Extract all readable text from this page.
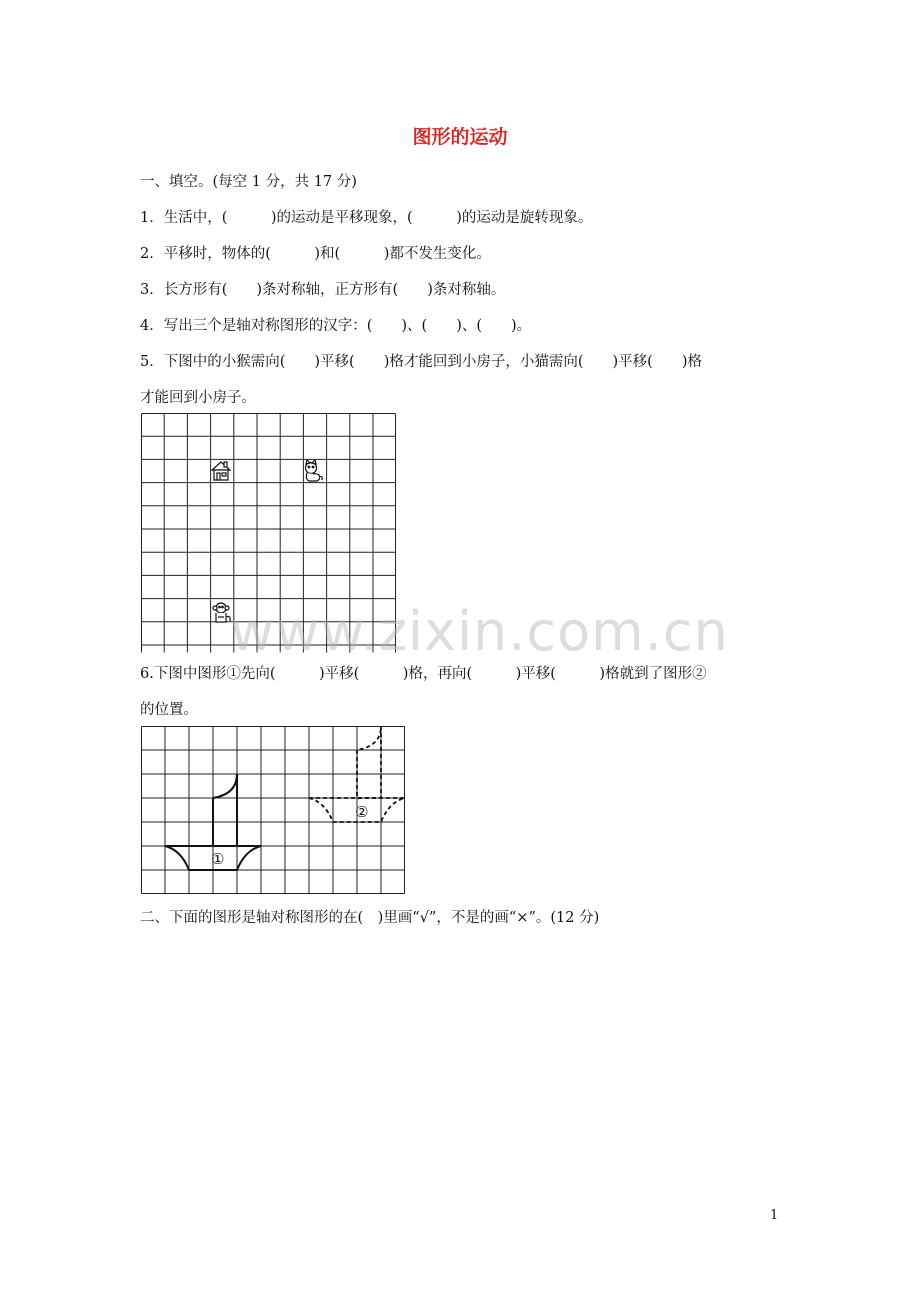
图形的运动
一、填空。(每空 1 分，共 17 分)
1．生活中，(　　　)的运动是平移现象，(　　　)的运动是旋转现象。
2．平移时，物体的(　　　)和(　　　)都不发生变化。
3．长方形有(　　)条对称轴，正方形有(　　)条对称轴。
4．写出三个是轴对称图形的汉字：(　　)、(　　)、(　　)。
5．下图中的小猴需向(　　)平移(　　)格才能回到小房子，小猫需向(　　)平移(　　)格
才能回到小房子。
6.下图中图形①先向(　　　)平移(　　　)格，再向(　　　)平移(　　　)格就到了图形②
的位置。
①
②
二、下面的图形是轴对称图形的在(　)里画“√”，不是的画“×”。(12 分)
www.zixin.com.cn
1
